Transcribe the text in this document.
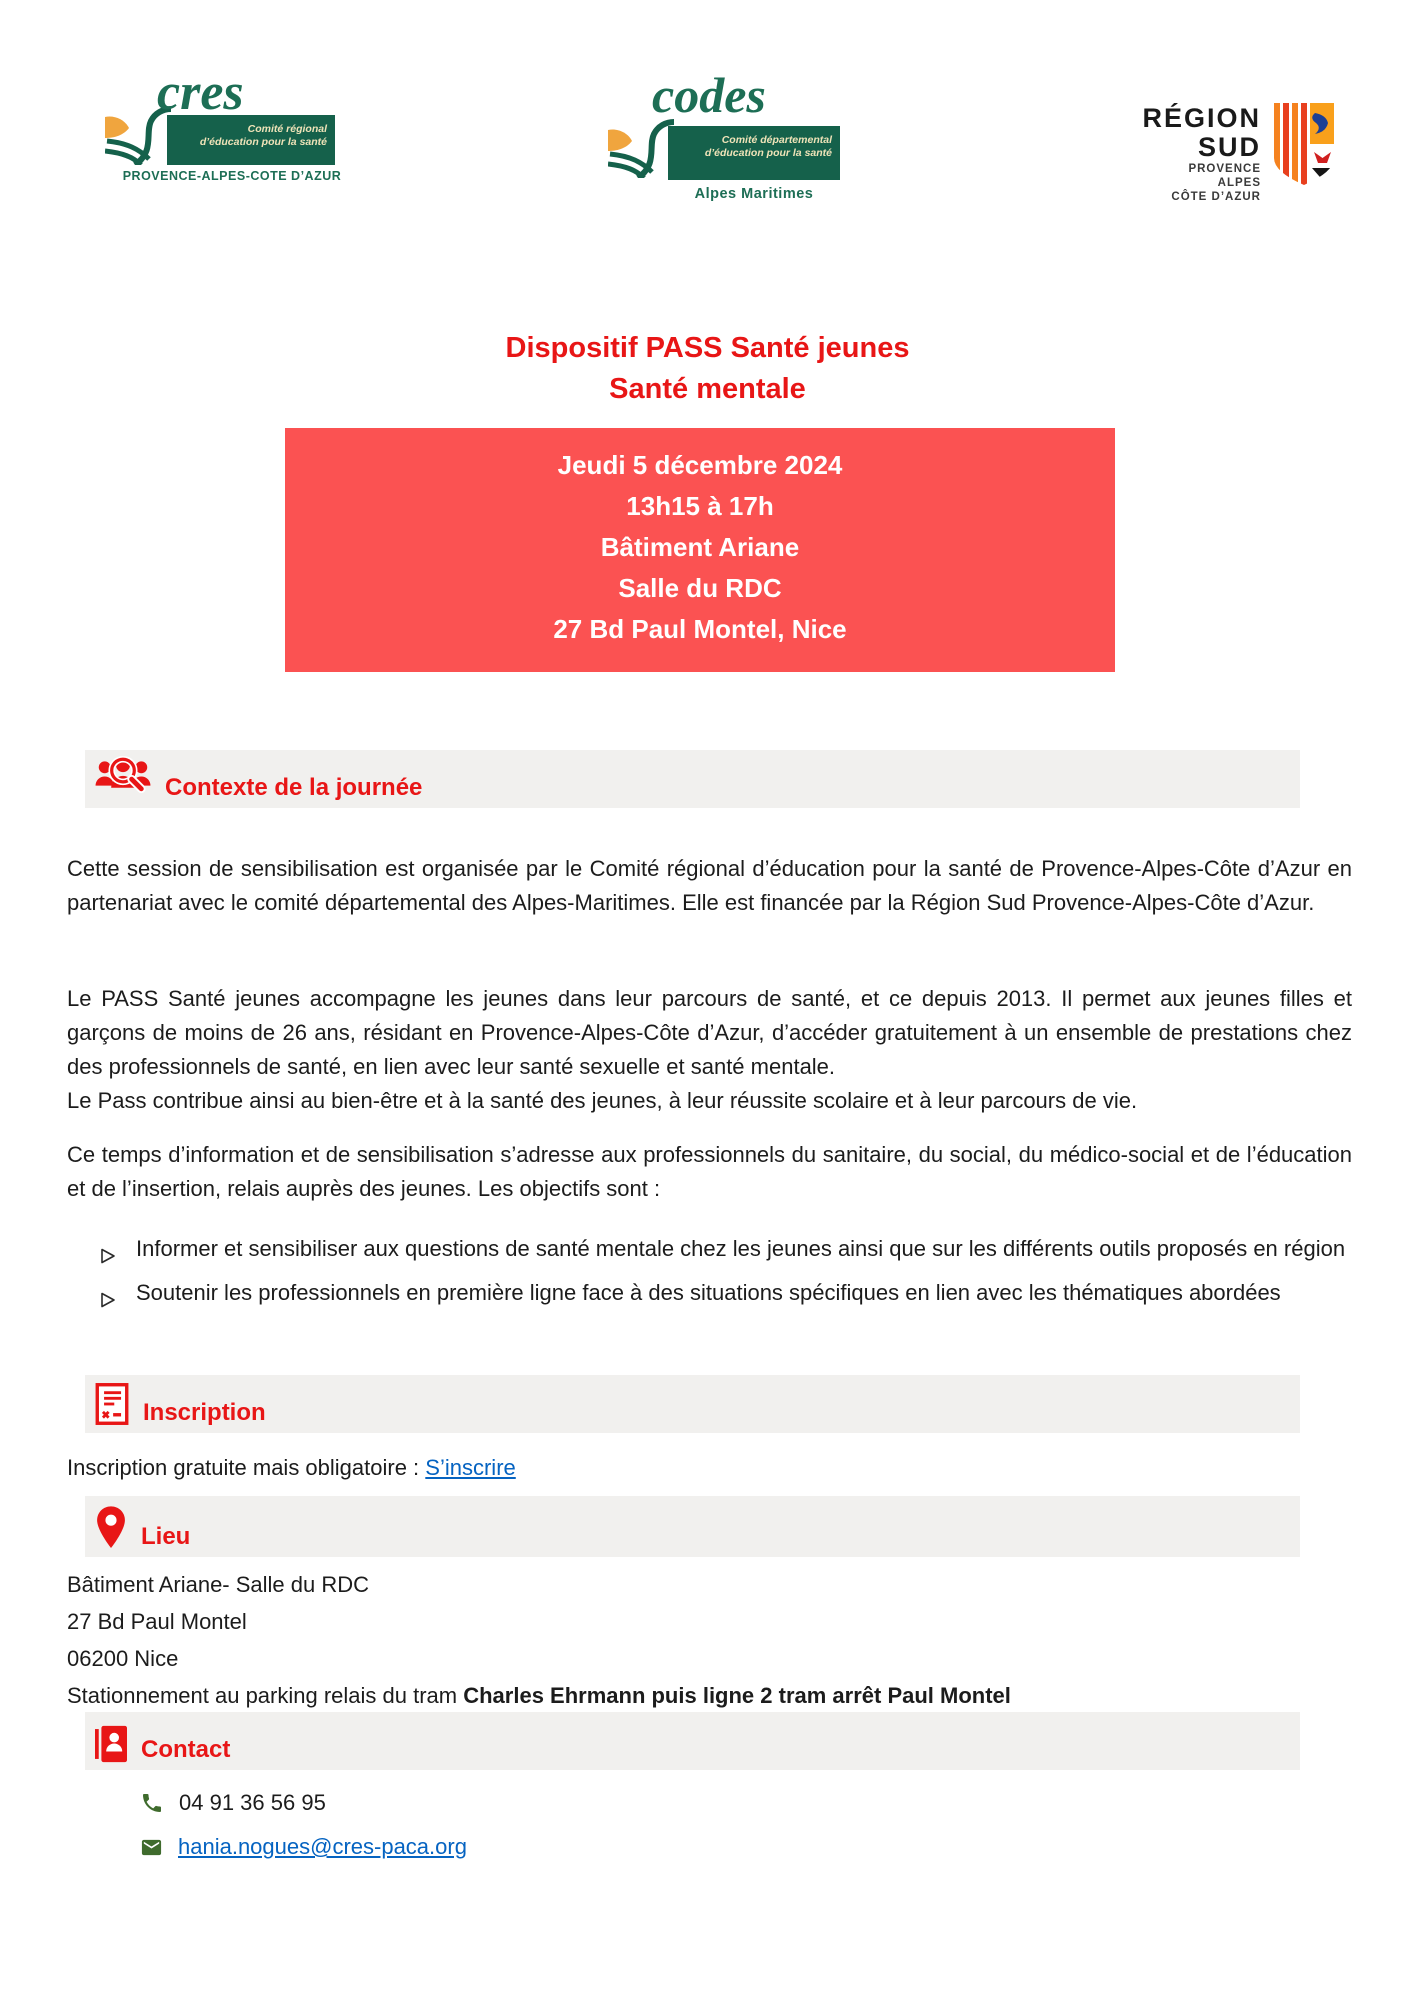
cres
Comité régional
d’éducation pour la santé
PROVENCE-ALPES-COTE D’AZUR
codes
Comité départemental
d’éducation pour la santé
Alpes Maritimes
RÉGION
SUD
PROVENCE
ALPES
CÔTE D’AZUR
Dispositif PASS Santé jeunes
Santé mentale
Jeudi 5 décembre 2024
13h15 à 17h
Bâtiment Ariane
Salle du RDC
27 Bd Paul Montel, Nice
Contexte de la journée
Cette session de sensibilisation est organisée par le Comité régional d’éducation pour la santé de Provence-Alpes-Côte d’Azur en partenariat avec le comité départemental des Alpes-Maritimes. Elle est financée par la Région Sud Provence-Alpes-Côte d’Azur.
Le PASS Santé jeunes accompagne les jeunes dans leur parcours de santé, et ce depuis 2013. Il permet aux jeunes filles et garçons de moins de 26 ans, résidant en Provence-Alpes-Côte d’Azur, d’accéder gratuitement à un ensemble de prestations chez des professionnels de santé, en lien avec leur santé sexuelle et santé mentale.
Le Pass contribue ainsi au bien-être et à la santé des jeunes, à leur réussite scolaire et à leur parcours de vie.
Ce temps d’information et de sensibilisation s’adresse aux professionnels du sanitaire, du social, du médico-social et de l’éducation et de l’insertion, relais auprès des jeunes. Les objectifs sont :
Informer et sensibiliser aux questions de santé mentale chez les jeunes ainsi que sur les différents outils proposés en région
Soutenir les professionnels en première ligne face à des situations spécifiques en lien avec les thématiques abordées
Inscription
Inscription gratuite mais obligatoire : S’inscrire
Lieu
Bâtiment Ariane- Salle du RDC
27 Bd Paul Montel
06200 Nice
Stationnement au parking relais du tram Charles Ehrmann puis ligne 2 tram arrêt Paul Montel
Contact
04 91 36 56 95
hania.nogues@cres-paca.org
